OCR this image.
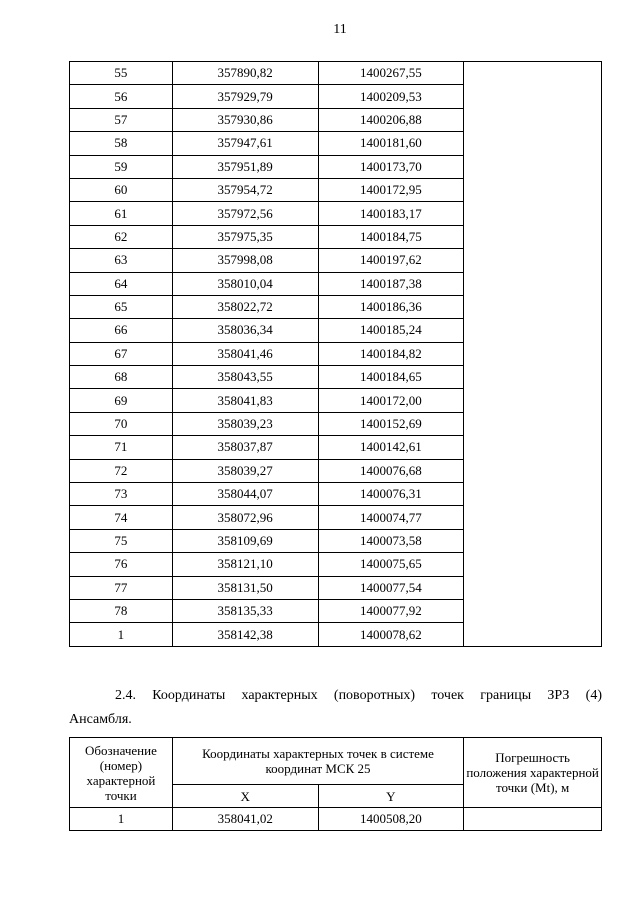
11
55	357890,82	1400267,55	
56	357929,79	1400209,53	
57	357930,86	1400206,88	
58	357947,61	1400181,60	
59	357951,89	1400173,70	
60	357954,72	1400172,95	
61	357972,56	1400183,17	
62	357975,35	1400184,75	
63	357998,08	1400197,62	
64	358010,04	1400187,38	
65	358022,72	1400186,36	
66	358036,34	1400185,24	
67	358041,46	1400184,82	
68	358043,55	1400184,65	
69	358041,83	1400172,00	
70	358039,23	1400152,69	
71	358037,87	1400142,61	
72	358039,27	1400076,68	
73	358044,07	1400076,31	
74	358072,96	1400074,77	
75	358109,69	1400073,58	
76	358121,10	1400075,65	
77	358131,50	1400077,54	
78	358135,33	1400077,92	
1	358142,38	1400078,62	
2.4. Координаты характерных (поворотных) точек границы ЗРЗ (4)
Ансамбля.
Обозначение (номер) характерной точки	Координаты характерных точек в системе координат МСК 25		Погрешность положения характерной точки (Mt), м
	X	Y	
1	358041,02	1400508,20	
